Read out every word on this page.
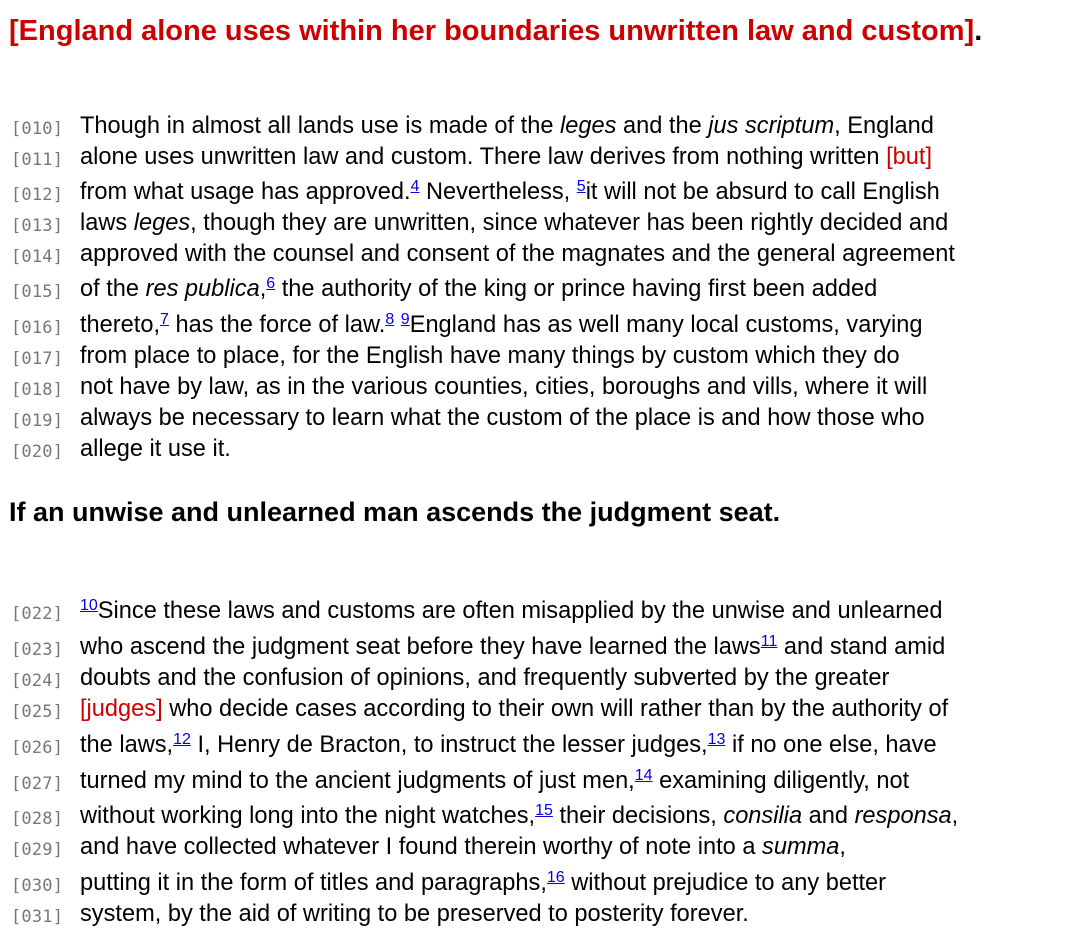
[England alone uses within her boundaries unwritten law and custom].
[010] Though in almost all lands use is made of the leges and the jus scriptum, England
[011] alone uses unwritten law and custom. There law derives from nothing written [but]
[012] from what usage has approved.$^4$ Nevertheless, $^5$it will not be absurd to call English
[013] laws leges, though they are unwritten, since whatever has been rightly decided and
[014] approved with the counsel and consent of the magnates and the general agreement
[015] of the res publica,$^6$ the authority of the king or prince having first been added
[016] thereto,$^7$ has the force of law.$^8$ $^9$England has as well many local customs, varying
[017] from place to place, for the English have many things by custom which they do
[018] not have by law, as in the various counties, cities, boroughs and vills, where it will
[019] always be necessary to learn what the custom of the place is and how those who
[020] allege it use it.
If an unwise and unlearned man ascends the judgment seat.
[022] $^{10}$Since these laws and customs are often misapplied by the unwise and unlearned
[023] who ascend the judgment seat before they have learned the laws$^{11}$ and stand amid
[024] doubts and the confusion of opinions, and frequently subverted by the greater
[025] [judges] who decide cases according to their own will rather than by the authority of
[026] the laws,$^{12}$ I, Henry de Bracton, to instruct the lesser judges,$^{13}$ if no one else, have
[027] turned my mind to the ancient judgments of just men,$^{14}$ examining diligently, not
[028] without working long into the night watches,$^{15}$ their decisions, consilia and responsa,
[029] and have collected whatever I found therein worthy of note into a summa,
[030] putting it in the form of titles and paragraphs,$^{16}$ without prejudice to any better
[031] system, by the aid of writing to be preserved to posterity forever.
